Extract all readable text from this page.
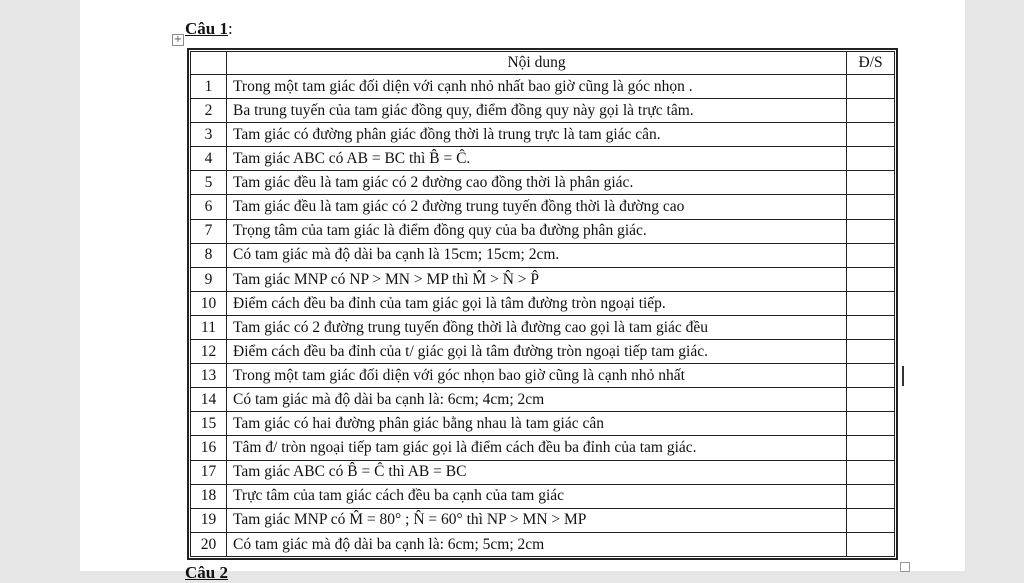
+
Câu 1:
	Nội dung	Đ/S
1	Trong một tam giác đối diện với cạnh nhỏ nhất bao giờ cũng là góc nhọn .	
2	Ba trung tuyến của tam giác đồng quy, điểm đồng quy này gọi là trực tâm.	
3	Tam giác có đường phân giác đồng thời là trung trực là tam giác cân.	
4	Tam giác ABC có AB = BC thì B̂ = Ĉ.	
5	Tam giác đều là tam giác có 2 đường cao đồng thời là phân giác.	
6	Tam giác đều là tam giác có 2 đường trung tuyến đồng thời là đường cao	
7	Trọng tâm của tam giác là điểm đồng quy của ba đường phân giác.	
8	Có tam giác mà độ dài ba cạnh là 15cm; 15cm; 2cm.	
9	Tam giác MNP có NP > MN > MP thì M̂ > N̂ > P̂	
10	Điểm cách đều ba đỉnh của tam giác gọi là tâm đường tròn ngoại tiếp.	
11	Tam giác có 2 đường trung tuyến đồng thời là đường cao gọi là tam giác đều	
12	Điểm cách đều ba đỉnh của t/ giác gọi là tâm đường tròn ngoại tiếp tam giác.	
13	Trong một tam giác đối diện với góc nhọn bao giờ cũng là cạnh nhỏ nhất	
14	Có tam giác mà độ dài ba cạnh là: 6cm; 4cm; 2cm	
15	Tam giác có hai đường phân giác bằng nhau là tam giác cân	
16	Tâm đ/ tròn ngoại tiếp tam giác gọi là điểm cách đều ba đỉnh của tam giác.	
17	Tam giác ABC có B̂ = Ĉ thì AB = BC	
18	Trực tâm của tam giác cách đều ba cạnh của tam giác	
19	Tam giác MNP có M̂ = 80° ; N̂ = 60° thì NP > MN > MP	
20	Có tam giác mà độ dài ba cạnh là: 6cm; 5cm; 2cm	
Câu 2
